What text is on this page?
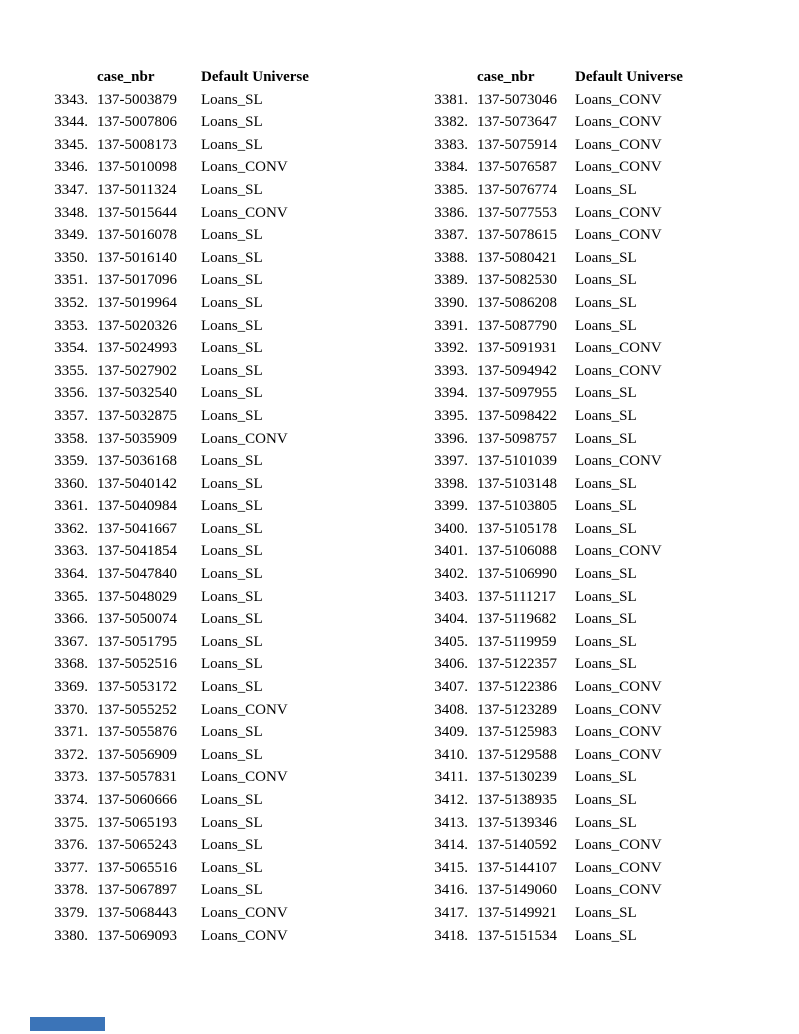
case_nbr	Default Universe
3343. 137-5003879	Loans_SL
3344. 137-5007806	Loans_SL
3345. 137-5008173	Loans_SL
3346. 137-5010098	Loans_CONV
3347. 137-5011324	Loans_SL
3348. 137-5015644	Loans_CONV
3349. 137-5016078	Loans_SL
3350. 137-5016140	Loans_SL
3351. 137-5017096	Loans_SL
3352. 137-5019964	Loans_SL
3353. 137-5020326	Loans_SL
3354. 137-5024993	Loans_SL
3355. 137-5027902	Loans_SL
3356. 137-5032540	Loans_SL
3357. 137-5032875	Loans_SL
3358. 137-5035909	Loans_CONV
3359. 137-5036168	Loans_SL
3360. 137-5040142	Loans_SL
3361. 137-5040984	Loans_SL
3362. 137-5041667	Loans_SL
3363. 137-5041854	Loans_SL
3364. 137-5047840	Loans_SL
3365. 137-5048029	Loans_SL
3366. 137-5050074	Loans_SL
3367. 137-5051795	Loans_SL
3368. 137-5052516	Loans_SL
3369. 137-5053172	Loans_SL
3370. 137-5055252	Loans_CONV
3371. 137-5055876	Loans_SL
3372. 137-5056909	Loans_SL
3373. 137-5057831	Loans_CONV
3374. 137-5060666	Loans_SL
3375. 137-5065193	Loans_SL
3376. 137-5065243	Loans_SL
3377. 137-5065516	Loans_SL
3378. 137-5067897	Loans_SL
3379. 137-5068443	Loans_CONV
3380. 137-5069093	Loans_CONV
case_nbr	Default Universe
3381. 137-5073046	Loans_CONV
3382. 137-5073647	Loans_CONV
3383. 137-5075914	Loans_CONV
3384. 137-5076587	Loans_CONV
3385. 137-5076774	Loans_SL
3386. 137-5077553	Loans_CONV
3387. 137-5078615	Loans_CONV
3388. 137-5080421	Loans_SL
3389. 137-5082530	Loans_SL
3390. 137-5086208	Loans_SL
3391. 137-5087790	Loans_SL
3392. 137-5091931	Loans_CONV
3393. 137-5094942	Loans_CONV
3394. 137-5097955	Loans_SL
3395. 137-5098422	Loans_SL
3396. 137-5098757	Loans_SL
3397. 137-5101039	Loans_CONV
3398. 137-5103148	Loans_SL
3399. 137-5103805	Loans_SL
3400. 137-5105178	Loans_SL
3401. 137-5106088	Loans_CONV
3402. 137-5106990	Loans_SL
3403. 137-5111217	Loans_SL
3404. 137-5119682	Loans_SL
3405. 137-5119959	Loans_SL
3406. 137-5122357	Loans_SL
3407. 137-5122386	Loans_CONV
3408. 137-5123289	Loans_CONV
3409. 137-5125983	Loans_CONV
3410. 137-5129588	Loans_CONV
3411. 137-5130239	Loans_SL
3412. 137-5138935	Loans_SL
3413. 137-5139346	Loans_SL
3414. 137-5140592	Loans_CONV
3415. 137-5144107	Loans_CONV
3416. 137-5149060	Loans_CONV
3417. 137-5149921	Loans_SL
3418. 137-5151534	Loans_SL
